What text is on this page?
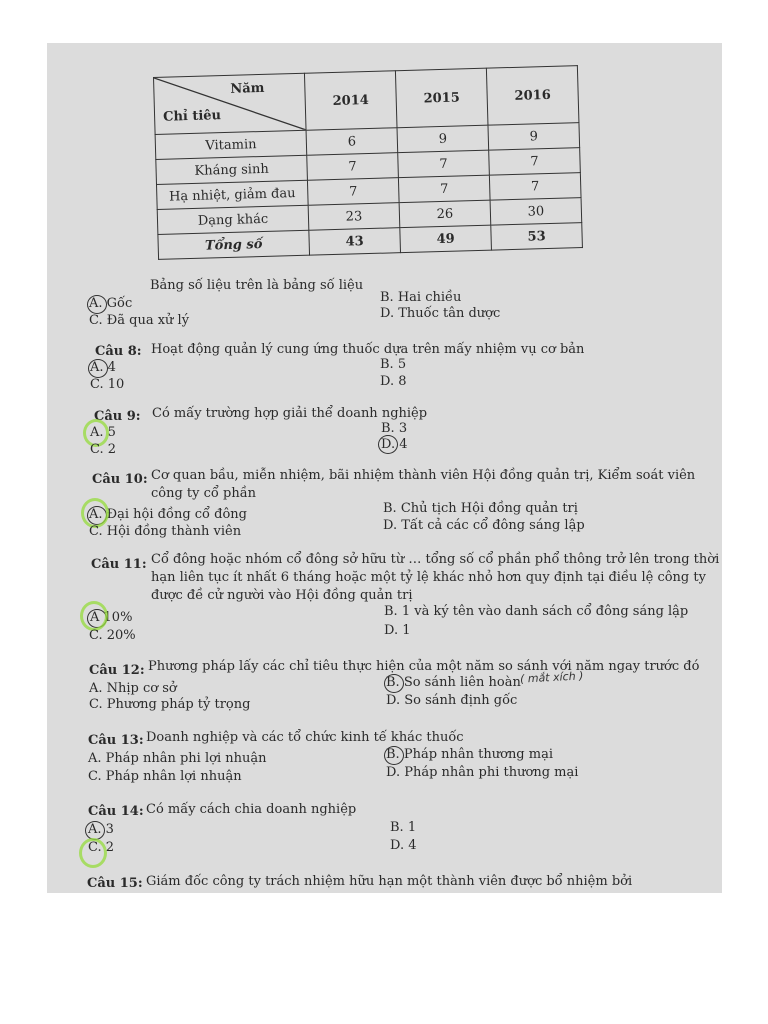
Năm
Chỉ tiêu	2014	2015	2016
Vitamin	6	9	9
Kháng sinh	7	7	7
Hạ nhiệt, giảm đau	7	7	7
Dạng khác	23	26	30
Tổng số	43	49	53
Bảng số liệu trên là bảng số liệu
A. Gốc	B. Hai chiều
C. Đã qua xử lý	D. Thuốc tân dược
Câu 8: Hoạt động quản lý cung ứng thuốc dựa trên mấy nhiệm vụ cơ bản
A. 4	B. 5
C. 10	D. 8
Câu 9: Có mấy trường hợp giải thể doanh nghiệp
A. 5	B. 3
C. 2	D. 4
Câu 10: Cơ quan bầu, miễn nhiệm, bãi nhiệm thành viên Hội đồng quản trị, Kiểm soát viên
công ty cổ phần
A. Đại hội đồng cổ đông	B. Chủ tịch Hội đồng quản trị
C. Hội đồng thành viên	D. Tất cả các cổ đông sáng lập
Câu 11: Cổ đông hoặc nhóm cổ đông sở hữu từ … tổng số cổ phần phổ thông trở lên trong thời
hạn liên tục ít nhất 6 tháng hoặc một tỷ lệ khác nhỏ hơn quy định tại điều lệ công ty
được đề cử người vào Hội đồng quản trị
A 10%	B. 1 và ký tên vào danh sách cổ đông sáng lập
C. 20%	D. 1
Câu 12: Phương pháp lấy các chỉ tiêu thực hiện của một năm so sánh với năm ngay trước đó
A. Nhịp cơ sở	B. So sánh liên hoàn
( mắt xích )
C. Phương pháp tỷ trọng	D. So sánh định gốc
Câu 13: Doanh nghiệp và các tổ chức kinh tế khác thuốc
A. Pháp nhân phi lợi nhuận	B. Pháp nhân thương mại
C. Pháp nhân lợi nhuận	D. Pháp nhân phi thương mại
Câu 14: Có mấy cách chia doanh nghiệp
A. 3	B. 1
C. 2	D. 4
Câu 15: Giám đốc công ty trách nhiệm hữu hạn một thành viên được bổ nhiệm bởi
